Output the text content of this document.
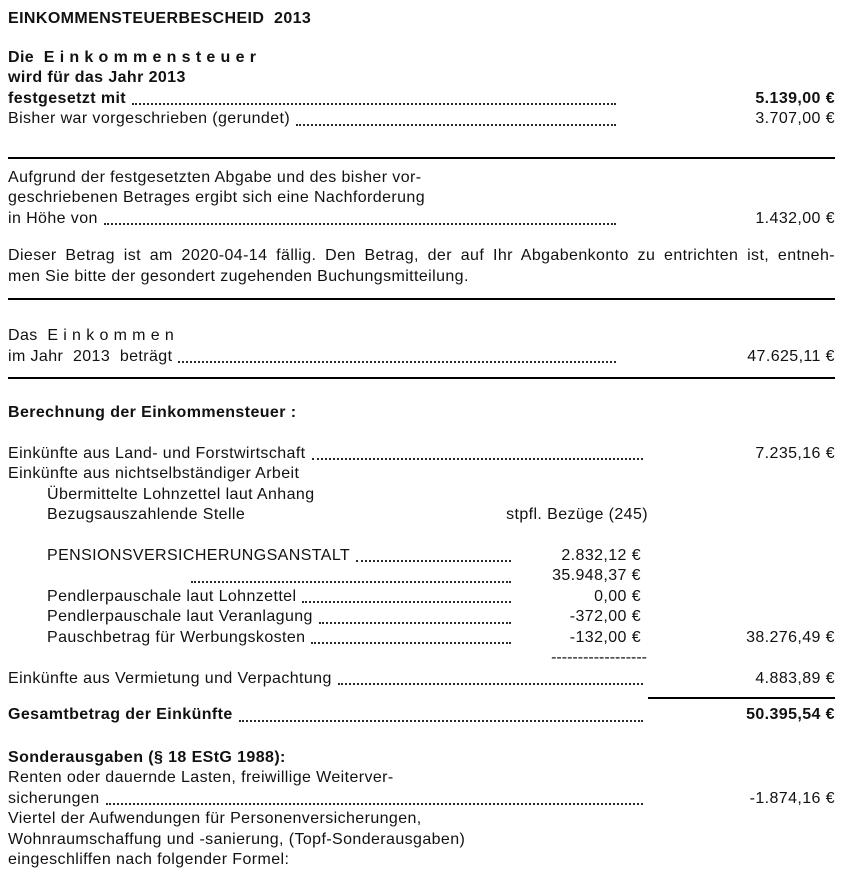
EINKOMMENSTEUERBESCHEID  2013
Die  E i n k o m m e n s t e u e r
wird für das Jahr 2013
festgesetzt mit	5.139,00 €
Bisher war vorgeschrieben (gerundet)	3.707,00 €
Aufgrund der festgesetzten Abgabe und des bisher vor-
geschriebenen Betrages ergibt sich eine Nachforderung
in Höhe von	1.432,00 €
Dieser Betrag ist am 2020-04-14 fällig. Den Betrag, der auf Ihr Abgabenkonto zu entrichten ist, entneh-
men Sie bitte der gesondert zugehenden Buchungsmitteilung.
Das  E i n k o m m e n
im Jahr  2013  beträgt	47.625,11 €
Berechnung der Einkommensteuer :
Einkünfte aus Land- und Forstwirtschaft	7.235,16 €
Einkünfte aus nichtselbständiger Arbeit
Übermittelte Lohnzettel laut Anhang
Bezugsauszahlende Stelle	stpfl. Bezüge (245)
PENSIONSVERSICHERUNGSANSTALT	2.832,12 €
35.948,37 €
Pendlerpauschale laut Lohnzettel	0,00 €
Pendlerpauschale laut Veranlagung	-372,00 €
Pauschbetrag für Werbungskosten	-132,00 €	38.276,49 €
------------------
Einkünfte aus Vermietung und Verpachtung	4.883,89 €
Gesamtbetrag der Einkünfte	50.395,54 €
Sonderausgaben (§ 18 EStG 1988):
Renten oder dauernde Lasten, freiwillige Weiterver-
sicherungen	-1.874,16 €
Viertel der Aufwendungen für Personenversicherungen,
Wohnraumschaffung und -sanierung, (Topf-Sonderausgaben)
eingeschliffen nach folgender Formel:
